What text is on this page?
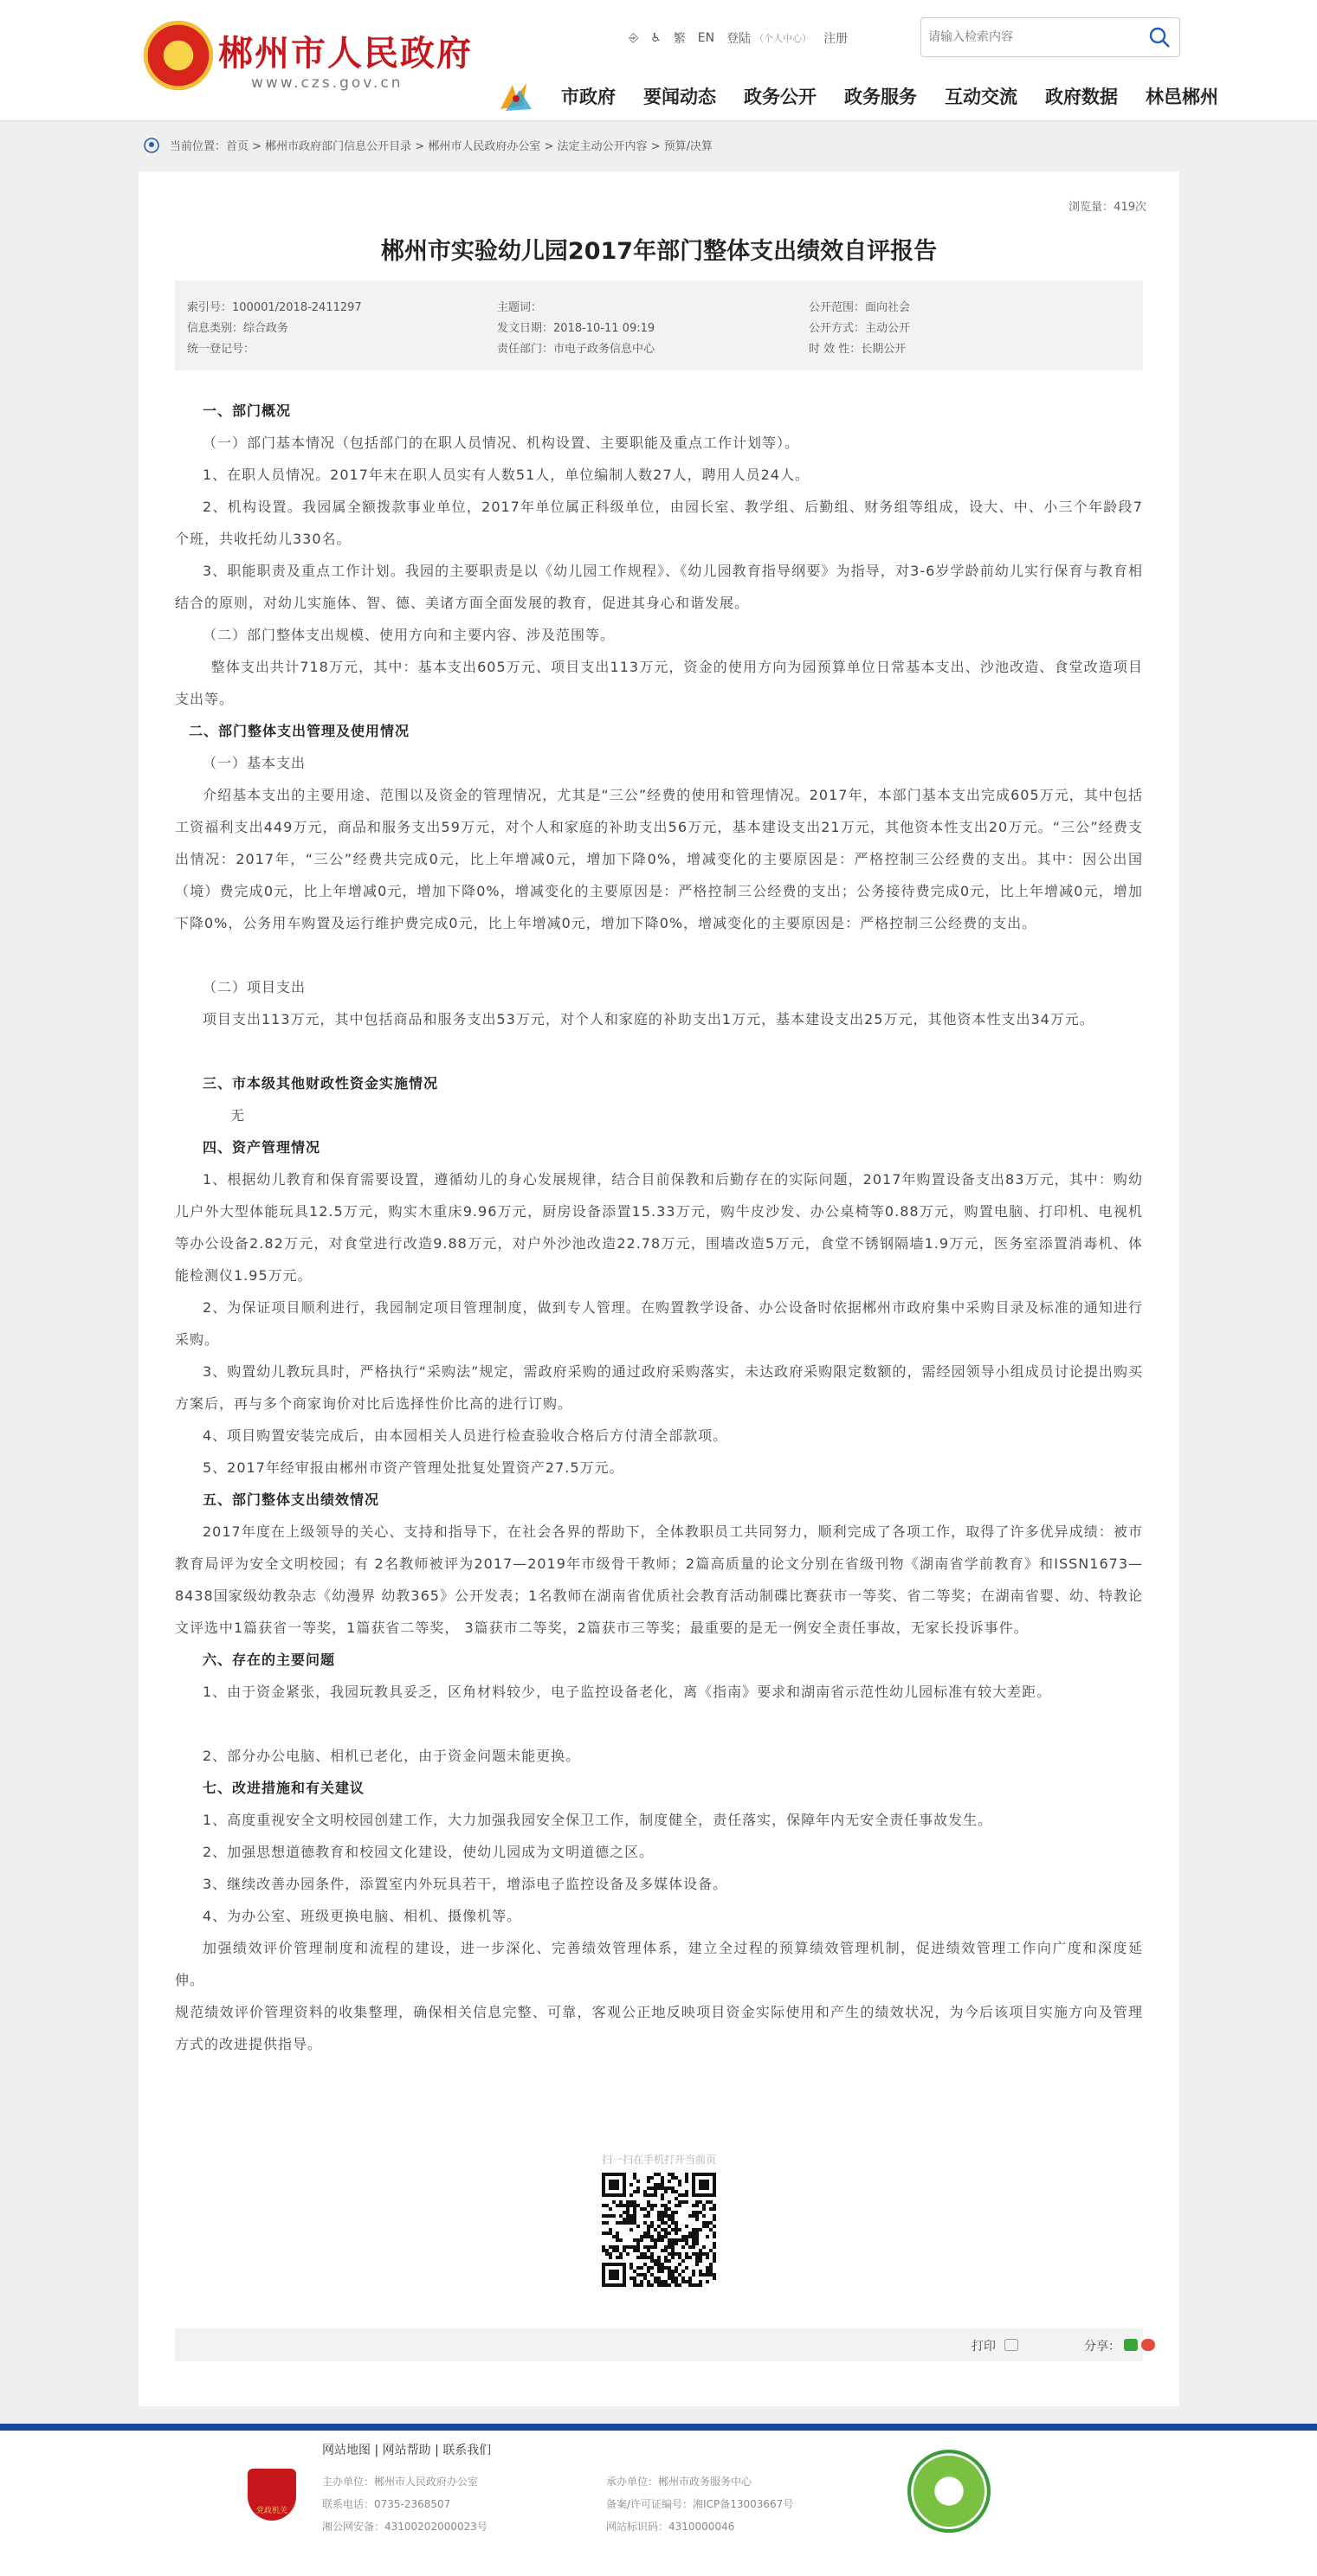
郴州市人民政府
www.czs.gov.cn
⎆ ♿ 繁 EN 登陆 （个人中心） 注册
请输入检索内容
市政府 要闻动态 政务公开 政务服务 互动交流 政府数据 林邑郴州
当前位置： 首页 > 郴州市政府部门信息公开目录 > 郴州市人民政府办公室 > 法定主动公开内容 > 预算/决算
浏览量：419次
郴州市实验幼儿园2017年部门整体支出绩效自评报告
索引号：100001/2018-2411297	主题词：	公开范围：面向社会
信息类别：综合政务	发文日期：2018-10-11 09:19	公开方式：主动公开
统一登记号：	责任部门：市电子政务信息中心	时 效 性：长期公开

一、部门概况

（一）部门基本情况（包括部门的在职人员情况、机构设置、主要职能及重点工作计划等）。

1、在职人员情况。2017年末在职人员实有人数51人，单位编制人数27人，聘用人员24人。

2、机构设置。我园属全额拨款事业单位，2017年单位属正科级单位，由园长室、教学组、后勤组、财务组等组成，设大、中、小三个年龄段7个班，共收托幼儿330名。

3、职能职责及重点工作计划。我园的主要职责是以《幼儿园工作规程》、《幼儿园教育指导纲要》为指导，对3-6岁学龄前幼儿实行保育与教育相结合的原则，对幼儿实施体、智、德、美诸方面全面发展的教育，促进其身心和谐发展。

（二）部门整体支出规模、使用方向和主要内容、涉及范围等。

整体支出共计718万元，其中：基本支出605万元、项目支出113万元，资金的使用方向为园预算单位日常基本支出、沙池改造、食堂改造项目支出等。

二、部门整体支出管理及使用情况

（一）基本支出

介绍基本支出的主要用途、范围以及资金的管理情况，尤其是“三公”经费的使用和管理情况。2017年，本部门基本支出完成605万元，其中包括工资福利支出449万元，商品和服务支出59万元，对个人和家庭的补助支出56万元，基本建设支出21万元，其他资本性支出20万元。“三公”经费支出情况：2017年，“三公”经费共完成0元，比上年增减0元，增加下降0%，增减变化的主要原因是：严格控制三公经费的支出。其中：因公出国（境）费完成0元，比上年增减0元，增加下降0%，增减变化的主要原因是：严格控制三公经费的支出；公务接待费完成0元，比上年增减0元，增加下降0%，公务用车购置及运行维护费完成0元，比上年增减0元，增加下降0%，增减变化的主要原因是：严格控制三公经费的支出。

（二）项目支出

项目支出113万元，其中包括商品和服务支出53万元，对个人和家庭的补助支出1万元，基本建设支出25万元，其他资本性支出34万元。

三、市本级其他财政性资金实施情况

无

四、资产管理情况

1、根据幼儿教育和保育需要设置，遵循幼儿的身心发展规律，结合目前保教和后勤存在的实际问题，2017年购置设备支出83万元，其中：购幼儿户外大型体能玩具12.5万元，购实木重床9.96万元，厨房设备添置15.33万元，购牛皮沙发、办公桌椅等0.88万元，购置电脑、打印机、电视机等办公设备2.82万元，对食堂进行改造9.88万元，对户外沙池改造22.78万元，围墙改造5万元，食堂不锈钢隔墙1.9万元，医务室添置消毒机、体能检测仪1.95万元。

2、为保证项目顺利进行，我园制定项目管理制度，做到专人管理。在购置教学设备、办公设备时依据郴州市政府集中采购目录及标准的通知进行采购。

3、购置幼儿教玩具时，严格执行“采购法”规定，需政府采购的通过政府采购落实，未达政府采购限定数额的，需经园领导小组成员讨论提出购买方案后，再与多个商家询价对比后选择性价比高的进行订购。

4、项目购置安装完成后，由本园相关人员进行检查验收合格后方付清全部款项。

5、2017年经审报由郴州市资产管理处批复处置资产27.5万元。

五、部门整体支出绩效情况

2017年度在上级领导的关心、支持和指导下，在社会各界的帮助下，全体教职员工共同努力，顺利完成了各项工作，取得了许多优异成绩：被市教育局评为安全文明校园；有 2名教师被评为2017—2019年市级骨干教师；2篇高质量的论文分别在省级刊物《湖南省学前教育》和ISSN1673—8438国家级幼教杂志《幼漫界 幼教365》公开发表；1名教师在湖南省优质社会教育活动制碟比赛获市一等奖、省二等奖；在湖南省婴、幼、特教论文评选中1篇获省一等奖，1篇获省二等奖， 3篇获市二等奖，2篇获市三等奖；最重要的是无一例安全责任事故，无家长投诉事件。

六、存在的主要问题

1、由于资金紧张，我园玩教具妥乏，区角材料较少，电子监控设备老化，离《指南》要求和湖南省示范性幼儿园标准有较大差距。

2、部分办公电脑、相机已老化，由于资金问题未能更换。

七、改进措施和有关建议

1、高度重视安全文明校园创建工作，大力加强我园安全保卫工作，制度健全，责任落实，保障年内无安全责任事故发生。

2、加强思想道德教育和校园文化建设，使幼儿园成为文明道德之区。

3、继续改善办园条件，添置室内外玩具若干，增添电子监控设备及多媒体设备。

4、为办公室、班级更换电脑、相机、摄像机等。

加强绩效评价管理制度和流程的建设，进一步深化、完善绩效管理体系，建立全过程的预算绩效管理机制，促进绩效管理工作向广度和深度延伸。

规范绩效评价管理资料的收集整理，确保相关信息完整、可靠，客观公正地反映项目资金实际使用和产生的绩效状况，为今后该项目实施方向及管理方式的改进提供指导。

扫一扫在手机打开当前页
打印	分享：
网站地图 | 网站帮助 | 联系我们
党政机关
主办单位：郴州市人民政府办公室
联系电话：0735-2368507
湘公网安备：43100202000023号
承办单位：郴州市政务服务中心
备案/许可证编号：湘ICP备13003667号
网站标识码：4310000046
